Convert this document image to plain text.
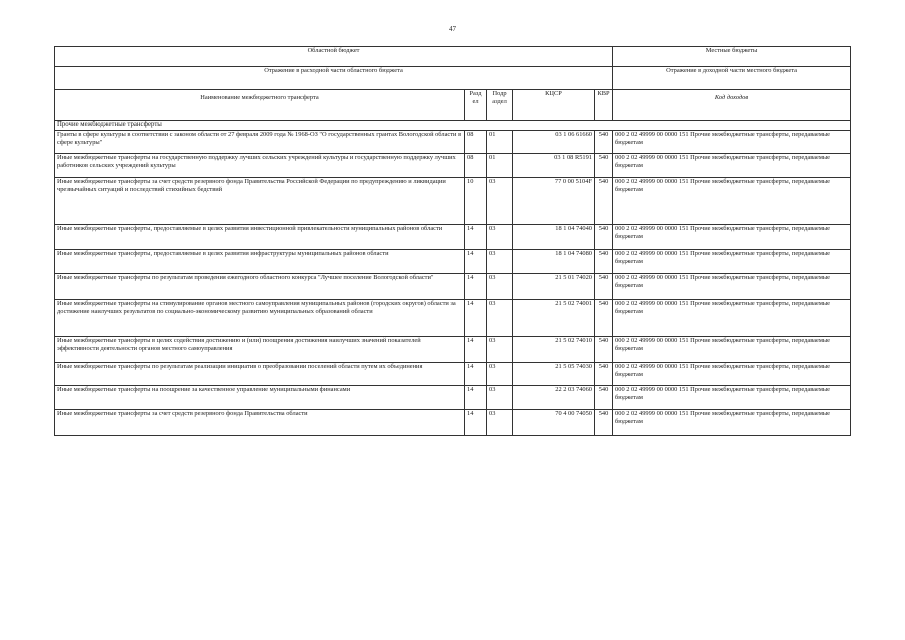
47
Областной бюджет					Местные бюджеты
Отражение в расходной части областного бюджета					Отражение в доходной части местного бюджета
Наименование межбюджетного трансферта	Разд ел	Подр аздел	КЦСР	КВР	Код доходов
Прочие межбюджетные трансферты					
Гранты в сфере культуры в соответствии с законом области от 27 февраля 2009 года № 1968-ОЗ "О государственных грантах Вологодской области в сфере культуры"	08	01	03 1 06 61660	540	000 2 02 49999 00 0000 151 Прочие межбюджетные трансферты, передаваемые бюджетам
Иные межбюджетные трансферты на государственную поддержку лучших сельских учреждений культуры и государственную поддержку лучших работников сельских учреждений культуры	08	01	03 1 08 R5191	540	000 2 02 49999 00 0000 151 Прочие межбюджетные трансферты, передаваемые бюджетам
Иные межбюджетные трансферты за счет средств резервного фонда Правительства Российской Федерации по предупреждению и ликвидации чрезвычайных ситуаций и последствий стихийных бедствий	10	03	77 0 00 5104F	540	000 2 02 49999 00 0000 151 Прочие межбюджетные трансферты, передаваемые бюджетам
Иные межбюджетные трансферты, предоставляемые в целях развития инвестиционной привлекательности муниципальных районов области	14	03	18 1 04 74040	540	000 2 02 49999 00 0000 151 Прочие межбюджетные трансферты, передаваемые бюджетам
Иные межбюджетные трансферты, предоставляемые в целях развития инфраструктуры муниципальных районов области	14	03	18 1 04 74080	540	000 2 02 49999 00 0000 151 Прочие межбюджетные трансферты, передаваемые бюджетам
Иные межбюджетные трансферты по результатам проведения ежегодного областного конкурса "Лучшее поселение Вологодской области"	14	03	21 5 01 74020	540	000 2 02 49999 00 0000 151 Прочие межбюджетные трансферты, передаваемые бюджетам
Иные межбюджетные трансферты на стимулирование органов местного самоуправления муниципальных районов (городских округов) области за достижение наилучших результатов по социально-экономическому развитию муниципальных образований области	14	03	21 5 02 74001	540	000 2 02 49999 00 0000 151 Прочие межбюджетные трансферты, передаваемые бюджетам
Иные межбюджетные трансферты в целях содействия достижению и (или) поощрения достижения наилучших значений показателей эффективности деятельности органов местного самоуправления	14	03	21 5 02 74010	540	000 2 02 49999 00 0000 151 Прочие межбюджетные трансферты, передаваемые бюджетам
Иные межбюджетные трансферты по результатам реализации инициатив о преобразовании поселений области путем их объединения	14	03	21 5 05 74030	540	000 2 02 49999 00 0000 151 Прочие межбюджетные трансферты, передаваемые бюджетам
Иные межбюджетные трансферты на поощрение за качественное управление муниципальными финансами	14	03	22 2 03 74060	540	000 2 02 49999 00 0000 151 Прочие межбюджетные трансферты, передаваемые бюджетам
Иные межбюджетные трансферты за счет средств резервного фонда Правительства области	14	03	70 4 00 74050	540	000 2 02 49999 00 0000 151 Прочие межбюджетные трансферты, передаваемые бюджетам
